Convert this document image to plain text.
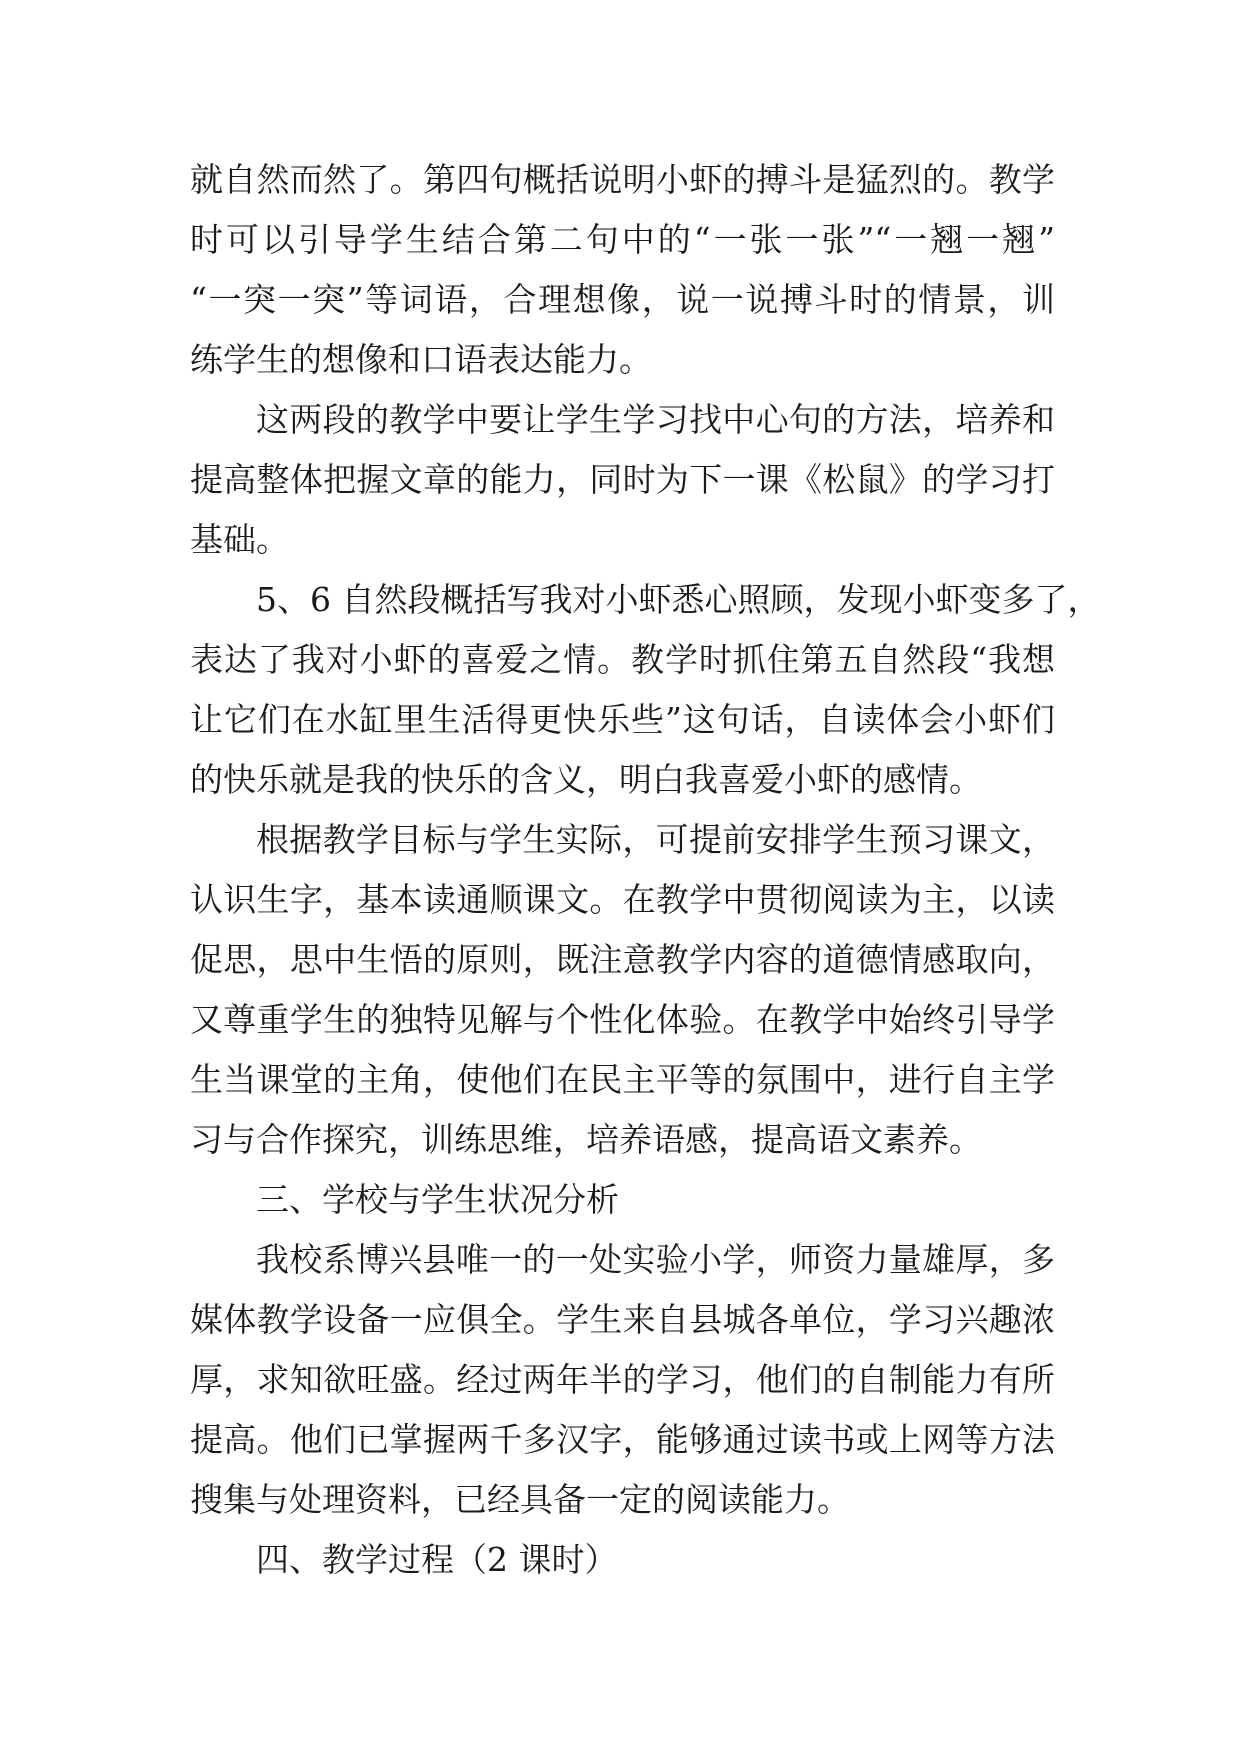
就自然而然了。第四句概括说明小虾的搏斗是猛烈的。教学
时可以引导学生结合第二句中的“一张一张”“一翘一翘”
“一突一突”等词语，合理想像，说一说搏斗时的情景，训
练学生的想像和口语表达能力。
这两段的教学中要让学生学习找中心句的方法，培养和
提高整体把握文章的能力，同时为下一课《松鼠》的学习打
基础。
5、6 自然段概括写我对小虾悉心照顾，发现小虾变多了，
表达了我对小虾的喜爱之情。教学时抓住第五自然段“我想
让它们在水缸里生活得更快乐些”这句话，自读体会小虾们
的快乐就是我的快乐的含义，明白我喜爱小虾的感情。
根据教学目标与学生实际，可提前安排学生预习课文，
认识生字，基本读通顺课文。在教学中贯彻阅读为主，以读
促思，思中生悟的原则，既注意教学内容的道德情感取向，
又尊重学生的独特见解与个性化体验。在教学中始终引导学
生当课堂的主角，使他们在民主平等的氛围中，进行自主学
习与合作探究，训练思维，培养语感，提高语文素养。
三、学校与学生状况分析
我校系博兴县唯一的一处实验小学，师资力量雄厚，多
媒体教学设备一应俱全。学生来自县城各单位，学习兴趣浓
厚，求知欲旺盛。经过两年半的学习，他们的自制能力有所
提高。他们已掌握两千多汉字，能够通过读书或上网等方法
搜集与处理资料，已经具备一定的阅读能力。
四、教学过程（2 课时）
